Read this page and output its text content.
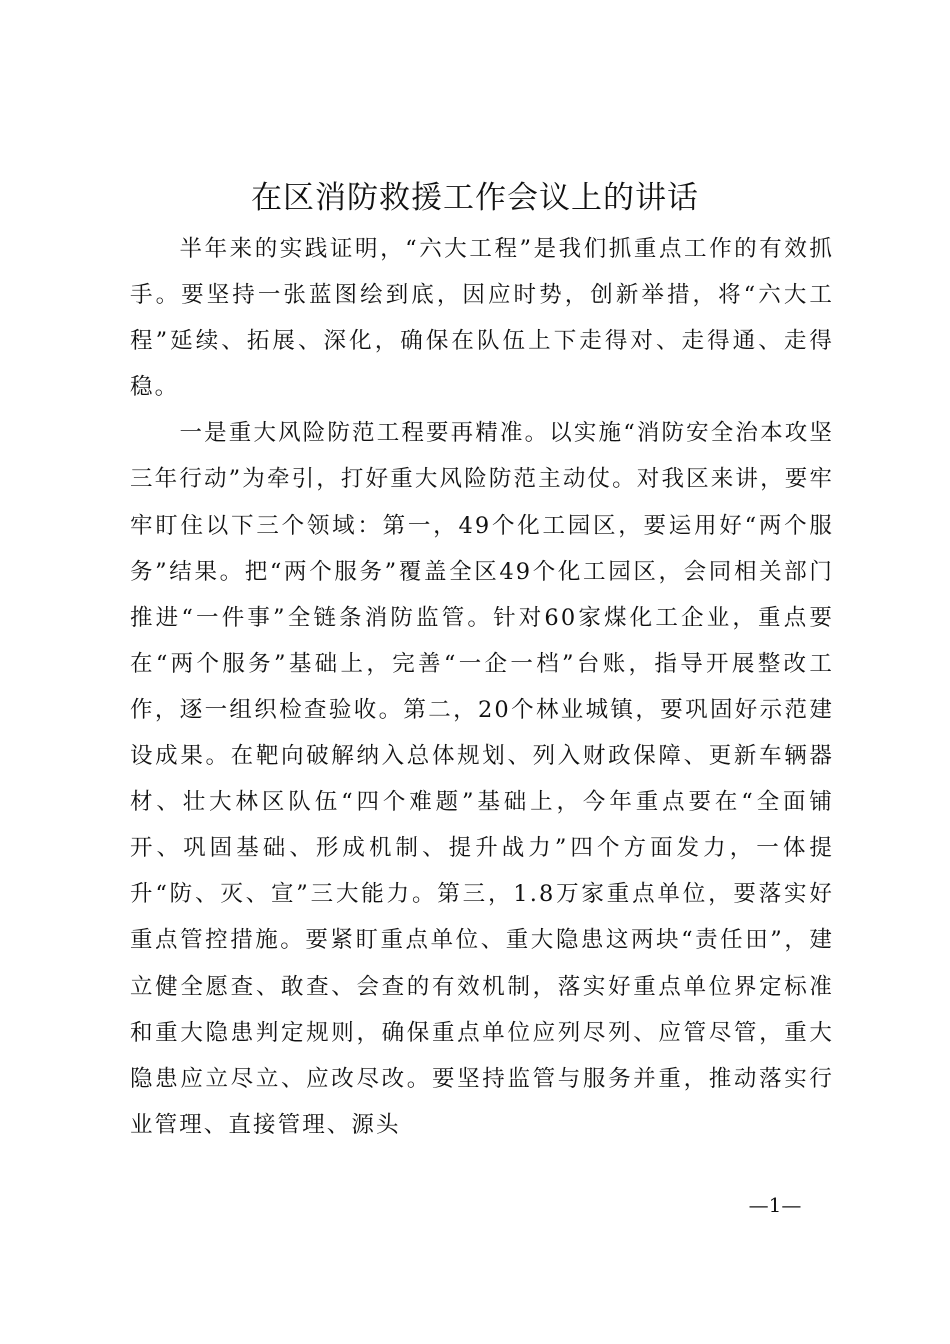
在区消防救援工作会议上的讲话

半年来的实践证明，“六大工程”是我们抓重点工作的有效抓手。要坚持一张蓝图绘到底，因应时势，创新举措，将“六大工程”延续、拓展、深化，确保在队伍上下走得对、走得通、走得稳。

一是重大风险防范工程要再精准。以实施“消防安全治本攻坚三年行动”为牵引，打好重大风险防范主动仗。对我区来讲，要牢牢盯住以下三个领域：第一，49个化工园区，要运用好“两个服务”结果。把“两个服务”覆盖全区49个化工园区，会同相关部门推进“一件事”全链条消防监管。针对60家煤化工企业，重点要在“两个服务”基础上，完善“一企一档”台账，指导开展整改工作，逐一组织检查验收。第二，20个林业城镇，要巩固好示范建设成果。在靶向破解纳入总体规划、列入财政保障、更新车辆器材、壮大林区队伍“四个难题”基础上，今年重点要在“全面铺开、巩固基础、形成机制、提升战力”四个方面发力，一体提升“防、灭、宣”三大能力。第三，1.8万家重点单位，要落实好重点管控措施。要紧盯重点单位、重大隐患这两块“责任田”，建立健全愿查、敢查、会查的有效机制，落实好重点单位界定标准和重大隐患判定规则，确保重点单位应列尽列、应管尽管，重大隐患应立尽立、应改尽改。要坚持监管与服务并重，推动落实行业管理、直接管理、源头

—1—
